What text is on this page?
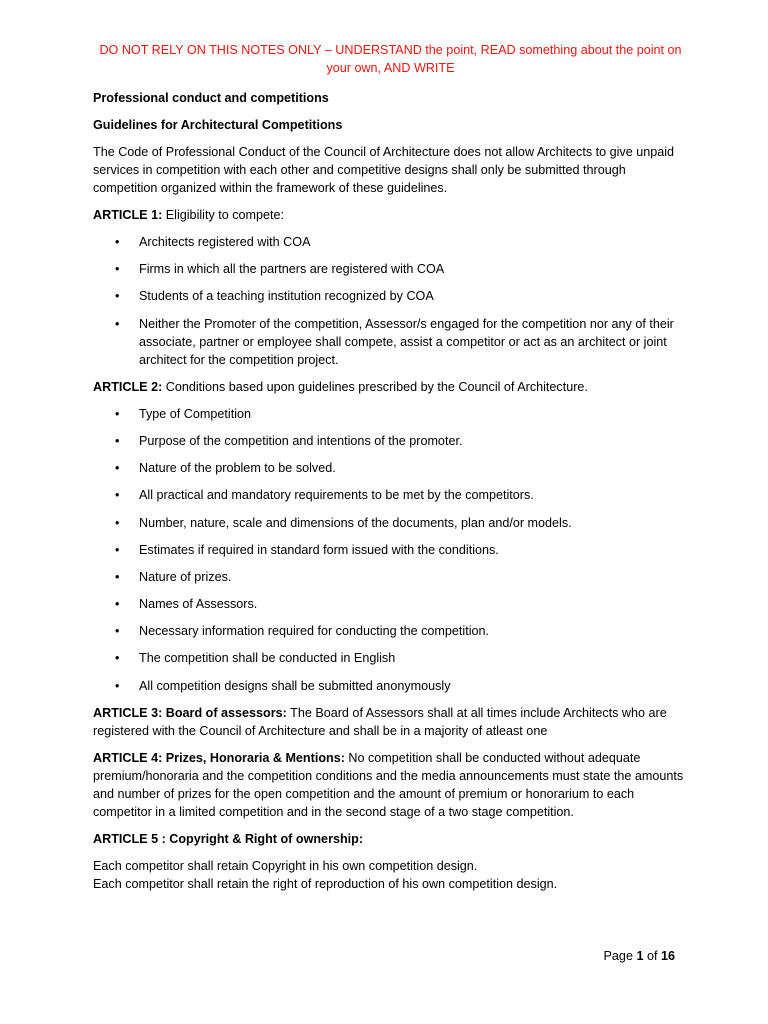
DO NOT RELY ON THIS NOTES ONLY – UNDERSTAND the point, READ something about the point on your own, AND WRITE

Professional conduct and competitions

Guidelines for Architectural Competitions

The Code of Professional Conduct of the Council of Architecture does not allow Architects to give unpaid services in competition with each other and competitive designs shall only be submitted through competition organized within the framework of these guidelines.

ARTICLE 1: Eligibility to compete:

• Architects registered with COA
• Firms in which all the partners are registered with COA
• Students of a teaching institution recognized by COA
• Neither the Promoter of the competition, Assessor/s engaged for the competition nor any of their associate, partner or employee shall compete, assist a competitor or act as an architect or joint architect for the competition project.

ARTICLE 2: Conditions based upon guidelines prescribed by the Council of Architecture.

• Type of Competition
• Purpose of the competition and intentions of the promoter.
• Nature of the problem to be solved.
• All practical and mandatory requirements to be met by the competitors.
• Number, nature, scale and dimensions of the documents, plan and/or models.
• Estimates if required in standard form issued with the conditions.
• Nature of prizes.
• Names of Assessors.
• Necessary information required for conducting the competition.
• The competition shall be conducted in English
• All competition designs shall be submitted anonymously

ARTICLE 3: Board of assessors: The Board of Assessors shall at all times include Architects who are registered with the Council of Architecture and shall be in a majority of atleast one

ARTICLE 4: Prizes, Honoraria & Mentions: No competition shall be conducted without adequate premium/honoraria and the competition conditions and the media announcements must state the amounts and number of prizes for the open competition and the amount of premium or honorarium to each competitor in a limited competition and in the second stage of a two stage competition.

ARTICLE 5 : Copyright & Right of ownership:

Each competitor shall retain Copyright in his own competition design.

Each competitor shall retain the right of reproduction of his own competition design.

Page 1 of 16
